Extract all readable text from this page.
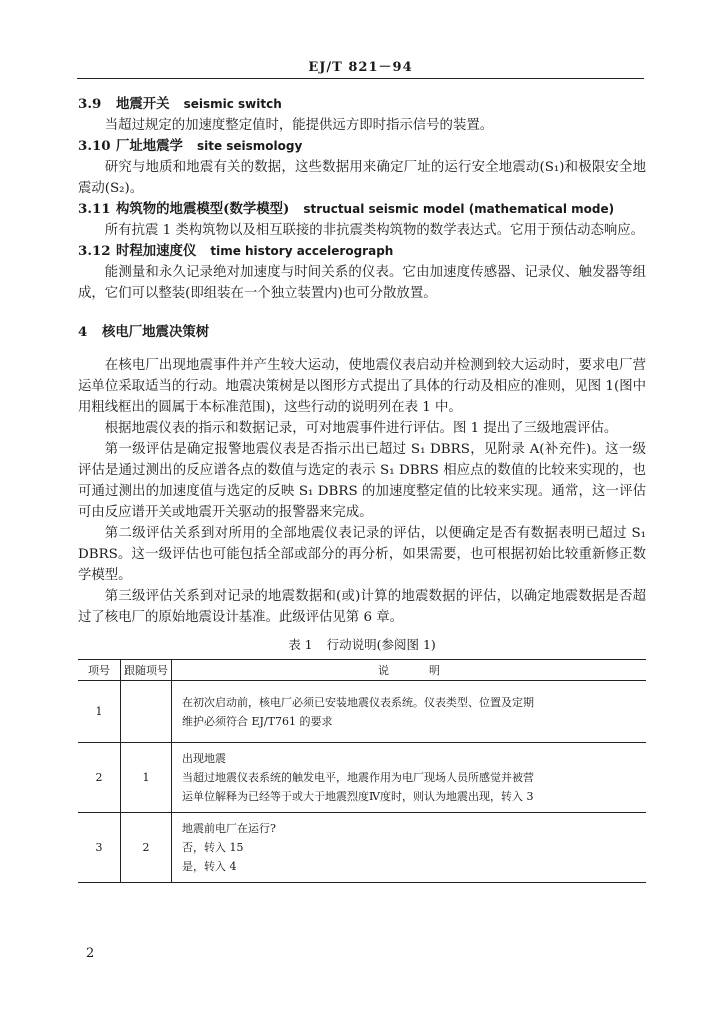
EJ/T 821－94

3.9 地震开关 seismic switch

当超过规定的加速度整定值时，能提供远方即时指示信号的装置。

3.10 厂址地震学 site seismology

研究与地质和地震有关的数据，这些数据用来确定厂址的运行安全地震动(S₁)和极限安全地震动(S₂)。

3.11 构筑物的地震模型(数学模型) structual seismic model (mathematical mode)

所有抗震 1 类构筑物以及相互联接的非抗震类构筑物的数学表达式。它用于预估动态响应。

3.12 时程加速度仪 time history accelerograph

能测量和永久记录绝对加速度与时间关系的仪表。它由加速度传感器、记录仪、触发器等组成，它们可以整装(即组装在一个独立装置内)也可分散放置。

4 核电厂地震决策树

在核电厂出现地震事件并产生较大运动，使地震仪表启动并检测到较大运动时，要求电厂营运单位采取适当的行动。地震决策树是以图形方式提出了具体的行动及相应的准则，见图 1(图中用粗线框出的圆属于本标准范围)，这些行动的说明列在表 1 中。

根据地震仪表的指示和数据记录，可对地震事件进行评估。图 1 提出了三级地震评估。

第一级评估是确定报警地震仪表是否指示出已超过 S₁ DBRS，见附录 A(补充件)。这一级评估是通过测出的反应谱各点的数值与选定的表示 S₁ DBRS 相应点的数值的比较来实现的，也可通过测出的加速度值与选定的反映 S₁ DBRS 的加速度整定值的比较来实现。通常，这一评估可由反应谱开关或地震开关驱动的报警器来完成。

第二级评估关系到对所用的全部地震仪表记录的评估，以便确定是否有数据表明已超过 S₁ DBRS。这一级评估也可能包括全部或部分的再分析，如果需要，也可根据初始比较重新修正数学模型。

第三级评估关系到对记录的地震数据和(或)计算的地震数据的评估，以确定地震数据是否超过了核电厂的原始地震设计基准。此级评估见第 6 章。

表 1 行动说明(参阅图 1)

项号	跟随项号	说明
1		在初次启动前，核电厂必须已安装地震仪表系统。仪表类型、位置及定期
维护必须符合 EJ/T761 的要求

2	1	出现地震
当超过地震仪表系统的触发电平，地震作用为电厂现场人员所感觉并被营
运单位解释为已经等于或大于地震烈度Ⅳ度时，则认为地震出现，转入 3

3	2	地震前电厂在运行?
否，转入 15
是，转入 4
2
